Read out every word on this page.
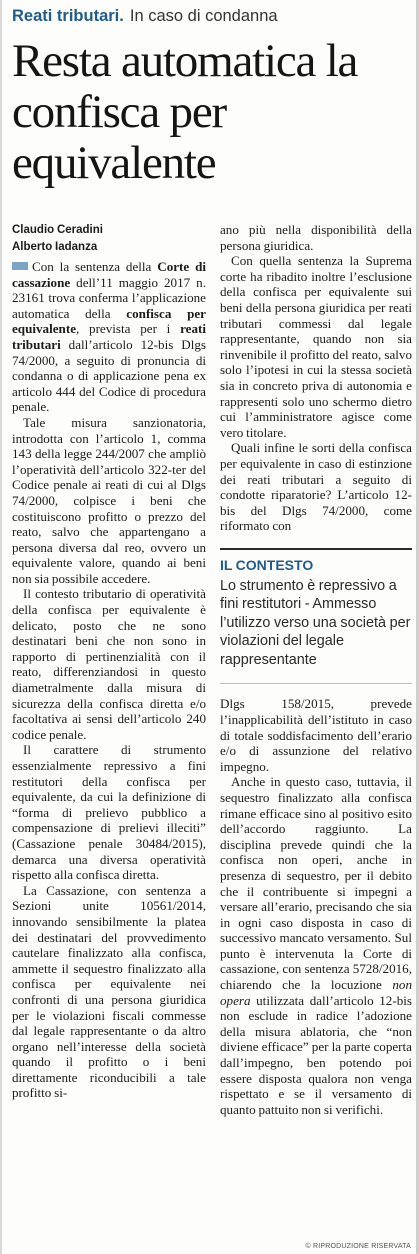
Reati tributari. In caso di condanna
Resta automatica la confisca per equivalente
Claudio Ceradini
Alberto Iadanza

Con la sentenza della Corte di cassazione dell’11 maggio 2017 n. 23161 trova conferma l’applicazione automatica della confisca per equivalente, prevista per i reati tributari dall’articolo 12-bis Dlgs 74/2000, a seguito di pronuncia di condanna o di applicazione pena ex articolo 444 del Codice di procedura penale.

Tale misura sanzionatoria, introdotta con l’articolo 1, comma 143 della legge 244/2007 che ampliò l’operatività dell’articolo 322-ter del Codice penale ai reati di cui al Dlgs 74/2000, colpisce i beni che costituiscono profitto o prezzo del reato, salvo che appartengano a persona diversa dal reo, ovvero un equivalente valore, quando ai beni non sia possibile accedere.

Il contesto tributario di operatività della confisca per equivalente è delicato, posto che ne sono destinatari beni che non sono in rapporto di pertinenzialità con il reato, differenziandosi in questo diametralmente dalla misura di sicurezza della confisca diretta e/o facoltativa ai sensi dell’articolo 240 codice penale.

Il carattere di strumento essenzialmente repressivo a fini restitutori della confisca per equivalente, da cui la definizione di “forma di prelievo pubblico a compensazione di prelievi illeciti” (Cassazione penale 30484/2015), demarca una diversa operatività rispetto alla confisca diretta.

La Cassazione, con sentenza a Sezioni unite 10561/2014, innovando sensibilmente la platea dei destinatari del provvedimento cautelare finalizzato alla confisca, ammette il sequestro finalizzato alla confisca per equivalente nei confronti di una persona giuridica per le violazioni fiscali commesse dal legale rappresentante o da altro organo nell’interesse della società quando il profitto o i beni direttamente riconducibili a tale profitto si-

ano più nella disponibilità della persona giuridica.

Con quella sentenza la Suprema corte ha ribadito inoltre l’esclusione della confisca per equivalente sui beni della persona giuridica per reati tributari commessi dal legale rappresentante, quando non sia rinvenibile il profitto del reato, salvo solo l’ipotesi in cui la stessa società sia in concreto priva di autonomia e rappresenti solo uno schermo dietro cui l’amministratore agisce come vero titolare.

Quali infine le sorti della confisca per equivalente in caso di estinzione dei reati tributari a seguito di condotte riparatorie? L’articolo 12-bis del Dlgs 74/2000, come riformato con

IL CONTESTO
Lo strumento è repressivo a fini restitutori - Ammesso l’utilizzo verso una società per violazioni del legale rappresentante

Dlgs 158/2015, prevede l’inapplicabilità dell’istituto in caso di totale soddisfacimento dell’erario e/o di assunzione del relativo impegno.

Anche in questo caso, tuttavia, il sequestro finalizzato alla confisca rimane efficace sino al positivo esito dell’accordo raggiunto. La disciplina prevede quindi che la confisca non operi, anche in presenza di sequestro, per il debito che il contribuente si impegni a versare all’erario, precisando che sia in ogni caso disposta in caso di successivo mancato versamento. Sul punto è intervenuta la Corte di cassazione, con sentenza 5728/2016, chiarendo che la locuzione non opera utilizzata dall’articolo 12-bis non esclude in radice l’adozione della misura ablatoria, che “non diviene efficace” per la parte coperta dall’impegno, ben potendo poi essere disposta qualora non venga rispettato e se il versamento di quanto pattuito non si verifichi.

© RIPRODUZIONE RISERVATA
